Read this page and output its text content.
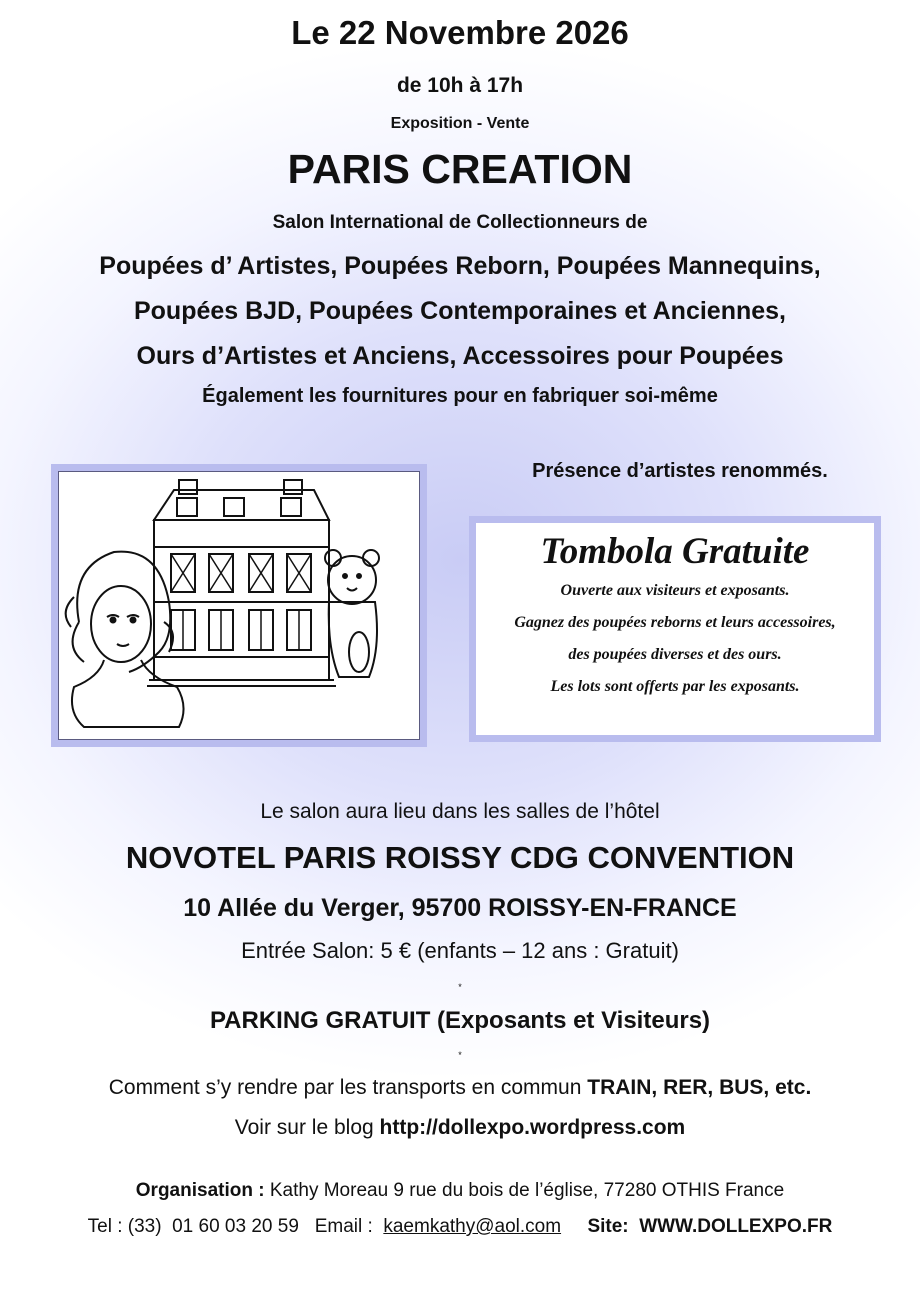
Le 22 Novembre 2026
de 10h à 17h
Exposition - Vente
PARIS CREATION
Salon International de Collectionneurs de
Poupées d’ Artistes, Poupées Reborn, Poupées Mannequins,
Poupées BJD, Poupées Contemporaines et Anciennes,
Ours d’Artistes et Anciens, Accessoires pour Poupées
Également les fournitures pour en fabriquer soi-même
Présence d’artistes renommés.
Tombola Gratuite
Ouverte aux visiteurs et exposants.
Gagnez des poupées reborns et leurs accessoires,
des poupées diverses et des ours.
Les lots sont offerts par les exposants.
Le salon aura lieu dans les salles de l’hôtel
NOVOTEL PARIS ROISSY CDG CONVENTION
10 Allée du Verger, 95700 ROISSY-EN-FRANCE
Entrée Salon: 5 € (enfants – 12 ans : Gratuit)
*
PARKING GRATUIT (Exposants et Visiteurs)
*
Comment s’y rendre par les transports en commun TRAIN, RER, BUS, etc.
Voir sur le blog http://dollexpo.wordpress.com
Organisation : Kathy Moreau 9 rue du bois de l’église, 77280 OTHIS France
Tel : (33)  01 60 03 20 59   Email :  kaemkathy@aol.com     Site:  WWW.DOLLEXPO.FR
